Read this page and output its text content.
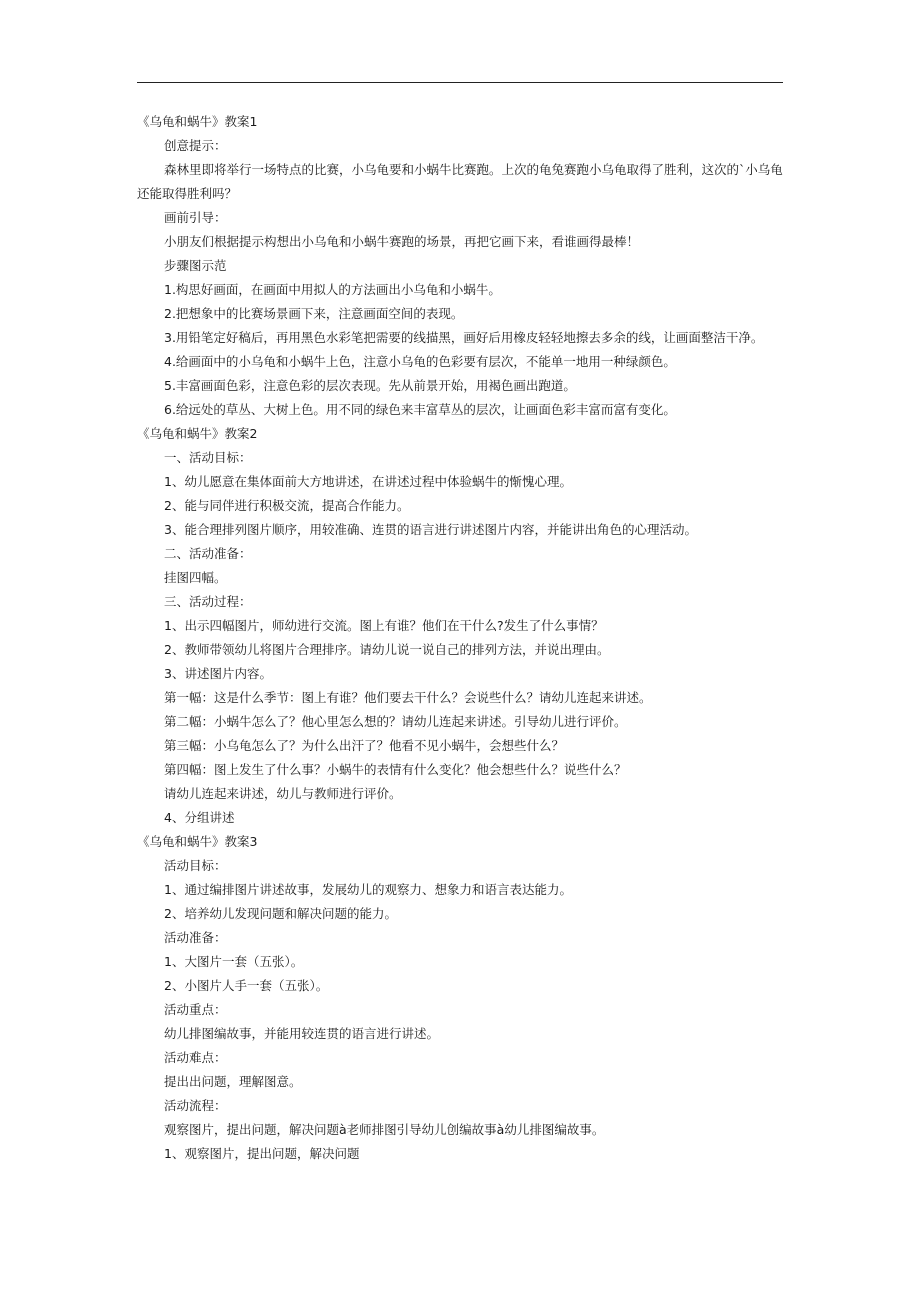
《乌龟和蜗牛》教案1
创意提示：
森林里即将举行一场特点的比赛，小乌龟要和小蜗牛比赛跑。上次的龟兔赛跑小乌龟取得了胜利，这次的`小乌龟
还能取得胜利吗？
画前引导：
小朋友们根据提示构想出小乌龟和小蜗牛赛跑的场景，再把它画下来，看谁画得最棒！
步骤图示范
1.构思好画面，在画面中用拟人的方法画出小乌龟和小蜗牛。
2.把想象中的比赛场景画下来，注意画面空间的表现。
3.用铅笔定好稿后，再用黑色水彩笔把需要的线描黑，画好后用橡皮轻轻地擦去多余的线，让画面整洁干净。
4.给画面中的小乌龟和小蜗牛上色，注意小乌龟的色彩要有层次，不能单一地用一种绿颜色。
5.丰富画面色彩，注意色彩的层次表现。先从前景开始，用褐色画出跑道。
6.给远处的草丛、大树上色。用不同的绿色来丰富草丛的层次，让画面色彩丰富而富有变化。
《乌龟和蜗牛》教案2
一、活动目标：
1、幼儿愿意在集体面前大方地讲述，在讲述过程中体验蜗牛的惭愧心理。
2、能与同伴进行积极交流，提高合作能力。
3、能合理排列图片顺序，用较准确、连贯的语言进行讲述图片内容，并能讲出角色的心理活动。
二、活动准备：
挂图四幅。
三、活动过程：
1、出示四幅图片，师幼进行交流。图上有谁？他们在干什么?发生了什么事情？
2、教师带领幼儿将图片合理排序。请幼儿说一说自己的排列方法，并说出理由。
3、讲述图片内容。
第一幅：这是什么季节：图上有谁？他们要去干什么？会说些什么？请幼儿连起来讲述。
第二幅：小蜗牛怎么了？他心里怎么想的？请幼儿连起来讲述。引导幼儿进行评价。
第三幅：小乌龟怎么了？为什么出汗了？他看不见小蜗牛，会想些什么？
第四幅：图上发生了什么事？小蜗牛的表情有什么变化？他会想些什么？说些什么？
请幼儿连起来讲述，幼儿与教师进行评价。
4、分组讲述
《乌龟和蜗牛》教案3
活动目标：
1、通过编排图片讲述故事，发展幼儿的观察力、想象力和语言表达能力。
2、培养幼儿发现问题和解决问题的能力。
活动准备：
1、大图片一套（五张）。
2、小图片人手一套（五张）。
活动重点：
幼儿排图编故事，并能用较连贯的语言进行讲述。
活动难点：
提出出问题，理解图意。
活动流程：
观察图片，提出问题，解决问题à老师排图引导幼儿创编故事à幼儿排图编故事。
1、观察图片，提出问题，解决问题
